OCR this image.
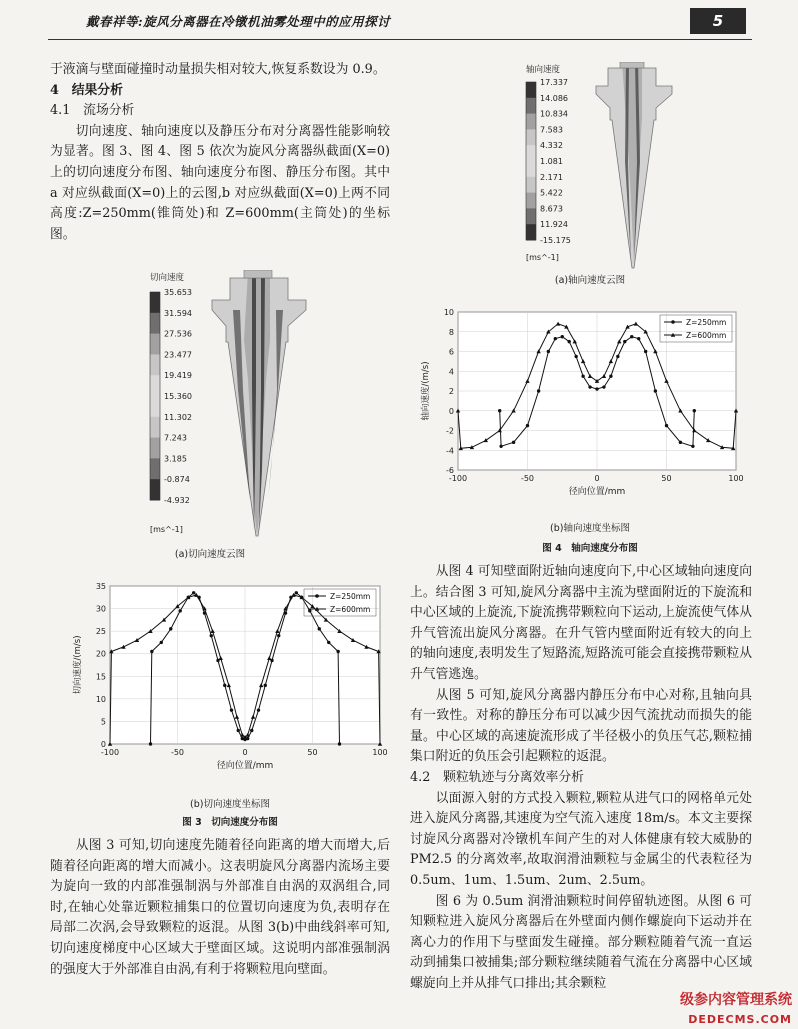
戴春祥等:旋风分离器在冷镦机油雾处理中的应用探讨	5

于液滴与壁面碰撞时动量损失相对较大,恢复系数设为 0.9。

4　结果分析

4.1　流场分析

切向速度、轴向速度以及静压分布对分离器性能影响较为显著。图 3、图 4、图 5 依次为旋风分离器纵截面(X=0)上的切向速度分布图、轴向速度分布图、静压分布图。其中 a 对应纵截面(X=0)上的云图,b 对应纵截面(X=0)上两不同高度:Z=250mm(锥筒处)和 Z=600mm(主筒处)的坐标图。

切向速度
35.653
31.594
27.536
23.477
19.419
15.360
11.302
7.243
3.185
-0.874
-4.932
[ms^-1]
(a)切向速度云图
0
5
10
15
20
25
30
35
-100	-50	0	50	100
径向位置/mm
切向速度/(m/s)
Z=250mm
Z=600mm
(b)切向速度坐标图
图 3　切向速度分布图

从图 3 可知,切向速度先随着径向距离的增大而增大,后随着径向距离的增大而减小。这表明旋风分离器内流场主要为旋向一致的内部准强制涡与外部准自由涡的双涡组合,同时,在轴心处靠近颗粒捕集口的位置切向速度为负,表明存在局部二次涡,会导致颗粒的返混。从图 3(b)中曲线斜率可知,切向速度梯度中心区域大于壁面区域。这说明内部准强制涡的强度大于外部准自由涡,有利于将颗粒甩向壁面。

轴向速度
17.337
14.086
10.834
7.583
4.332
1.081
2.171
5.422
8.673
11.924
-15.175
[ms^-1]
(a)轴向速度云图
-6
-4
-2
0
2
4
6
8
10
-100	-50	0	50	100
径向位置/mm
轴向速度/(m/s)
Z=250mm
Z=600mm
(b)轴向速度坐标图
图 4　轴向速度分布图

从图 4 可知壁面附近轴向速度向下,中心区域轴向速度向上。结合图 3 可知,旋风分离器中主流为壁面附近的下旋流和中心区域的上旋流,下旋流携带颗粒向下运动,上旋流使气体从升气管流出旋风分离器。在升气管内壁面附近有较大的向上的轴向速度,表明发生了短路流,短路流可能会直接携带颗粒从升气管逃逸。

从图 5 可知,旋风分离器内静压分布中心对称,且轴向具有一致性。对称的静压分布可以减少因气流扰动而损失的能量。中心区域的高速旋流形成了半径极小的负压气芯,颗粒捕集口附近的负压会引起颗粒的返混。

4.2　颗粒轨迹与分离效率分析

以面源入射的方式投入颗粒,颗粒从进气口的网格单元处进入旋风分离器,其速度为空气流入速度 18m/s。本文主要探讨旋风分离器对冷镦机车间产生的对人体健康有较大威胁的 PM2.5 的分离效率,故取润滑油颗粒与金属尘的代表粒径为 0.5um、1um、1.5um、2um、2.5um。

图 6 为 0.5um 润滑油颗粒时间停留轨迹图。从图 6 可知颗粒进入旋风分离器后在外壁面内侧作螺旋向下运动并在离心力的作用下与壁面发生碰撞。部分颗粒随着气流一直运动到捕集口被捕集;部分颗粒继续随着气流在分离器中心区域螺旋向上并从排气口排出;其余颗粒

级参内容管理系统
DEDECMS.COM
